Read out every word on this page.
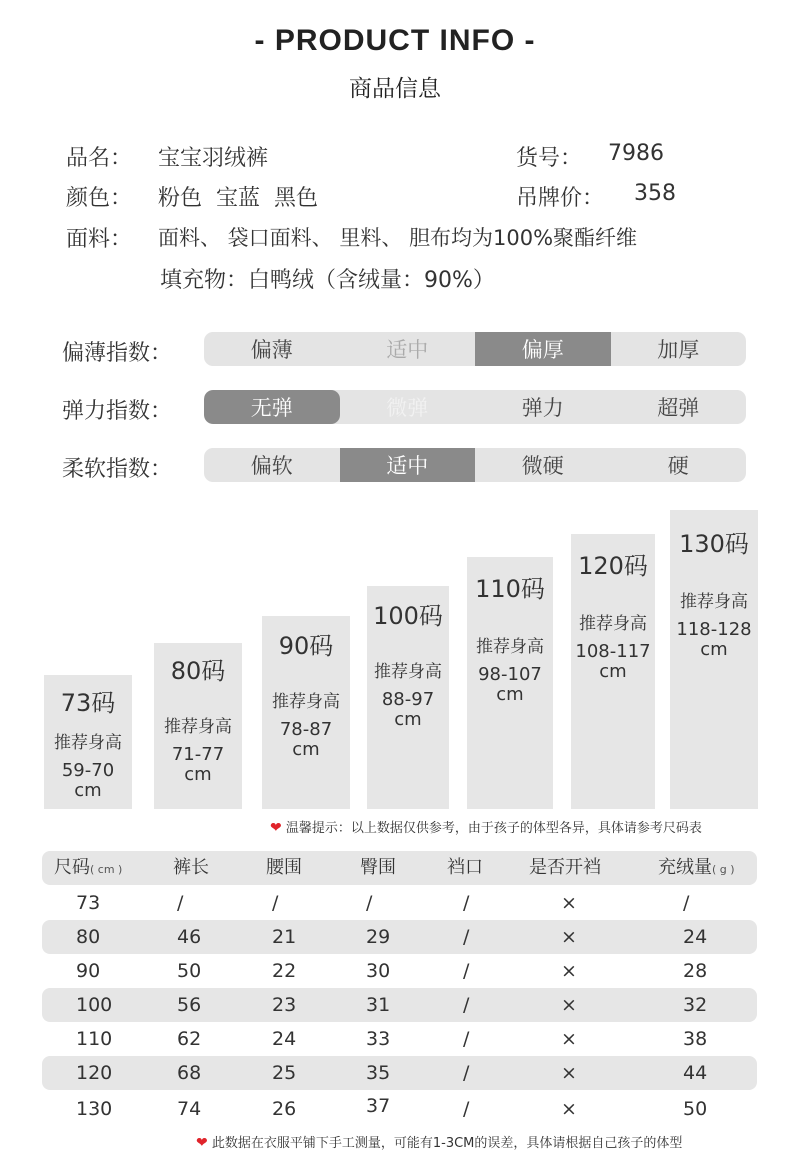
- PRODUCT INFO -
商品信息
品名： 宝宝羽绒裤	货号： 7986
颜色： 粉色  宝蓝  黑色	吊牌价： 358
面料： 面料、 袋口面料、 里料、 胆布均为100%聚酯纤维
填充物：白鸭绒（含绒量：90%）
偏薄指数：	偏薄	适中	偏厚	加厚
弹力指数：	无弹	微弹	弹力	超弹
柔软指数：	偏软	适中	微硬	硬
73码
推荐身高
59-70
cm
80码
推荐身高
71-77
cm
90码
推荐身高
78-87
cm
100码
推荐身高
88-97
cm
110码
推荐身高
98-107
cm
120码
推荐身高
108-117
cm
130码
推荐身高
118-128
cm
❤ 温馨提示：以上数据仅供参考，由于孩子的体型各异，具体请参考尺码表
尺码( cm )	裤长	腰围	臀围	裆口	是否开裆	充绒量( g )
73	/	/	/	/	×	/
80	46	21	29	/	×	24
90	50	22	30	/	×	28
100	56	23	31	/	×	32
110	62	24	33	/	×	38
120	68	25	35	/	×	44
130	74	26	37	/	×	50
❤ 此数据在衣服平铺下手工测量，可能有1-3CM的误差，具体请根据自己孩子的体型
